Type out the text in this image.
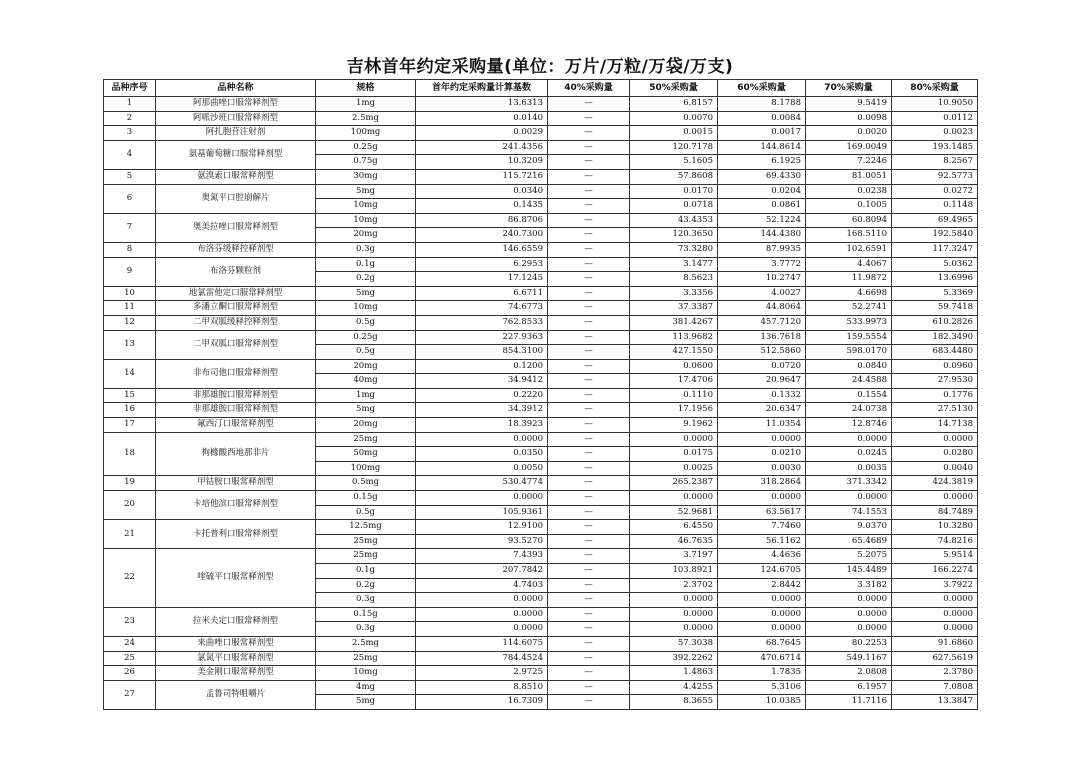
吉林首年约定采购量(单位：万片/万粒/万袋/万支)
品种序号	品种名称	规格	首年约定采购量计算基数	40%采购量	50%采购量	60%采购量	70%采购量	80%采购量
1	阿那曲唑口服常释剂型	1mg	13.6313	—	6.8157	8.1788	9.5419	10.9050
2	阿哌沙班口服常释剂型	2.5mg	0.0140	—	0.0070	0.0084	0.0098	0.0112
3	阿扎胞苷注射剂	100mg	0.0029	—	0.0015	0.0017	0.0020	0.0023
4	氨基葡萄糖口服常释剂型	0.25g	241.4356	—	120.7178	144.8614	169.0049	193.1485
		0.75g	10.3209	—	5.1605	6.1925	7.2246	8.2567
5	氨溴索口服常释剂型	30mg	115.7216	—	57.8608	69.4330	81.0051	92.5773
6	奥氮平口腔崩解片	5mg	0.0340	—	0.0170	0.0204	0.0238	0.0272
		10mg	0.1435	—	0.0718	0.0861	0.1005	0.1148
7	奥美拉唑口服常释剂型	10mg	86.8706	—	43.4353	52.1224	60.8094	69.4965
		20mg	240.7300	—	120.3650	144.4380	168.5110	192.5840
8	布洛芬缓释控释剂型	0.3g	146.6559	—	73.3280	87.9935	102.6591	117.3247
9	布洛芬颗粒剂	0.1g	6.2953	—	3.1477	3.7772	4.4067	5.0362
		0.2g	17.1245	—	8.5623	10.2747	11.9872	13.6996
10	地氯雷他定口服常释剂型	5mg	6.6711	—	3.3356	4.0027	4.6698	5.3369
11	多潘立酮口服常释剂型	10mg	74.6773	—	37.3387	44.8064	52.2741	59.7418
12	二甲双胍缓释控释剂型	0.5g	762.8533	—	381.4267	457.7120	533.9973	610.2826
13	二甲双胍口服常释剂型	0.25g	227.9363	—	113.9682	136.7618	159.5554	182.3490
		0.5g	854.3100	—	427.1550	512.5860	598.0170	683.4480
14	非布司他口服常释剂型	20mg	0.1200	—	0.0600	0.0720	0.0840	0.0960
		40mg	34.9412	—	17.4706	20.9647	24.4588	27.9530
15	非那雄胺口服常释剂型	1mg	0.2220	—	0.1110	0.1332	0.1554	0.1776
16	非那雄胺口服常释剂型	5mg	34.3912	—	17.1956	20.6347	24.0738	27.5130
17	氟西汀口服常释剂型	20mg	18.3923	—	9.1962	11.0354	12.8746	14.7138
18	枸橼酸西地那非片	25mg	0.0000	—	0.0000	0.0000	0.0000	0.0000
		50mg	0.0350	—	0.0175	0.0210	0.0245	0.0280
		100mg	0.0050	—	0.0025	0.0030	0.0035	0.0040
19	甲钴胺口服常释剂型	0.5mg	530.4774	—	265.2387	318.2864	371.3342	424.3819
20	卡培他滨口服常释剂型	0.15g	0.0000	—	0.0000	0.0000	0.0000	0.0000
		0.5g	105.9361	—	52.9681	63.5617	74.1553	84.7489
21	卡托普利口服常释剂型	12.5mg	12.9100	—	6.4550	7.7460	9.0370	10.3280
		25mg	93.5270	—	46.7635	56.1162	65.4689	74.8216
22	喹硫平口服常释剂型	25mg	7.4393	—	3.7197	4.4636	5.2075	5.9514
		0.1g	207.7842	—	103.8921	124.6705	145.4489	166.2274
		0.2g	4.7403	—	2.3702	2.8442	3.3182	3.7922
		0.3g	0.0000	—	0.0000	0.0000	0.0000	0.0000
23	拉米夫定口服常释剂型	0.15g	0.0000	—	0.0000	0.0000	0.0000	0.0000
		0.3g	0.0000	—	0.0000	0.0000	0.0000	0.0000
24	来曲唑口服常释剂型	2.5mg	114.6075	—	57.3038	68.7645	80.2253	91.6860
25	氯氮平口服常释剂型	25mg	784.4524	—	392.2262	470.6714	549.1167	627.5619
26	美金刚口服常释剂型	10mg	2.9725	—	1.4863	1.7835	2.0808	2.3780
27	孟鲁司特咀嚼片	4mg	8.8510	—	4.4255	5.3106	6.1957	7.0808
		5mg	16.7309	—	8.3655	10.0385	11.7116	13.3847
